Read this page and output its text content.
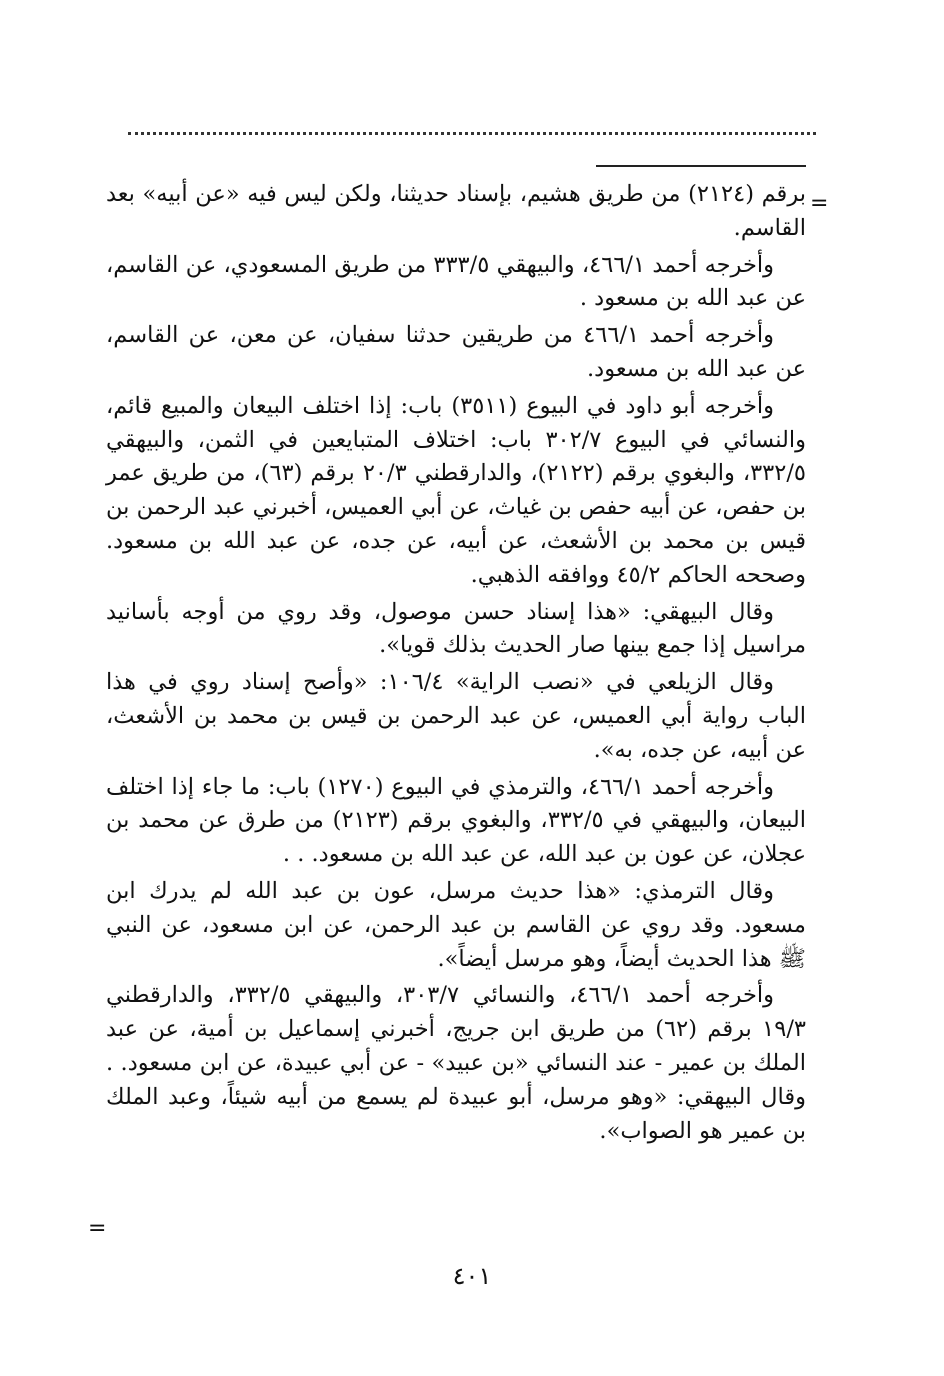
=

برقم (٢١٢٤) من طريق هشيم، بإسناد حديثنا، ولكن ليس فيه «عن أبيه» بعد القاسم.

وأخرجه أحمد ٤٦٦/١، والبيهقي ٣٣٣/٥ من طريق المسعودي، عن القاسم، عن عبد الله بن مسعود .

وأخرجه أحمد ٤٦٦/١ من طريقين حدثنا سفيان، عن معن، عن القاسم، عن عبد الله بن مسعود.

وأخرجه أبو داود في البيوع (٣٥١١) باب: إذا اختلف البيعان والمبيع قائم، والنسائي في البيوع ٣٠٢/٧ باب: اختلاف المتبايعين في الثمن، والبيهقي ٣٣٢/٥، والبغوي برقم (٢١٢٢)، والدارقطني ٢٠/٣ برقم (٦٣)، من طريق عمر بن حفص، عن أبيه حفص بن غياث، عن أبي العميس، أخبرني عبد الرحمن بن قيس بن محمد بن الأشعث، عن أبيه، عن جده، عن عبد الله بن مسعود. وصححه الحاكم ٤٥/٢ ووافقه الذهبي.

وقال البيهقي: «هذا إسناد حسن موصول، وقد روي من أوجه بأسانيد مراسيل إذا جمع بينها صار الحديث بذلك قويا».

وقال الزيلعي في «نصب الراية» ١٠٦/٤: «وأصح إسناد روي في هذا الباب رواية أبي العميس، عن عبد الرحمن بن قيس بن محمد بن الأشعث، عن أبيه، عن جده، به».

وأخرجه أحمد ٤٦٦/١، والترمذي في البيوع (١٢٧٠) باب: ما جاء إذا اختلف البيعان، والبيهقي في ٣٣٢/٥، والبغوي برقم (٢١٢٣) من طرق عن محمد بن عجلان، عن عون بن عبد الله، عن عبد الله بن مسعود. . .

وقال الترمذي: «هذا حديث مرسل، عون بن عبد الله لم يدرك ابن مسعود. وقد روي عن القاسم بن عبد الرحمن، عن ابن مسعود، عن النبي ﷺ هذا الحديث أيضاً، وهو مرسل أيضاً».

وأخرجه أحمد ٤٦٦/١، والنسائي ٣٠٣/٧، والبيهقي ٣٣٢/٥، والدارقطني ١٩/٣ برقم (٦٢) من طريق ابن جريج، أخبرني إسماعيل بن أمية، عن عبد الملك بن عمير - عند النسائي «بن عبيد» - عن أبي عبيدة، عن ابن مسعود. . وقال البيهقي: «وهو مرسل، أبو عبيدة لم يسمع من أبيه شيئاً، وعبد الملك بن عمير هو الصواب».

=
٤٠١
